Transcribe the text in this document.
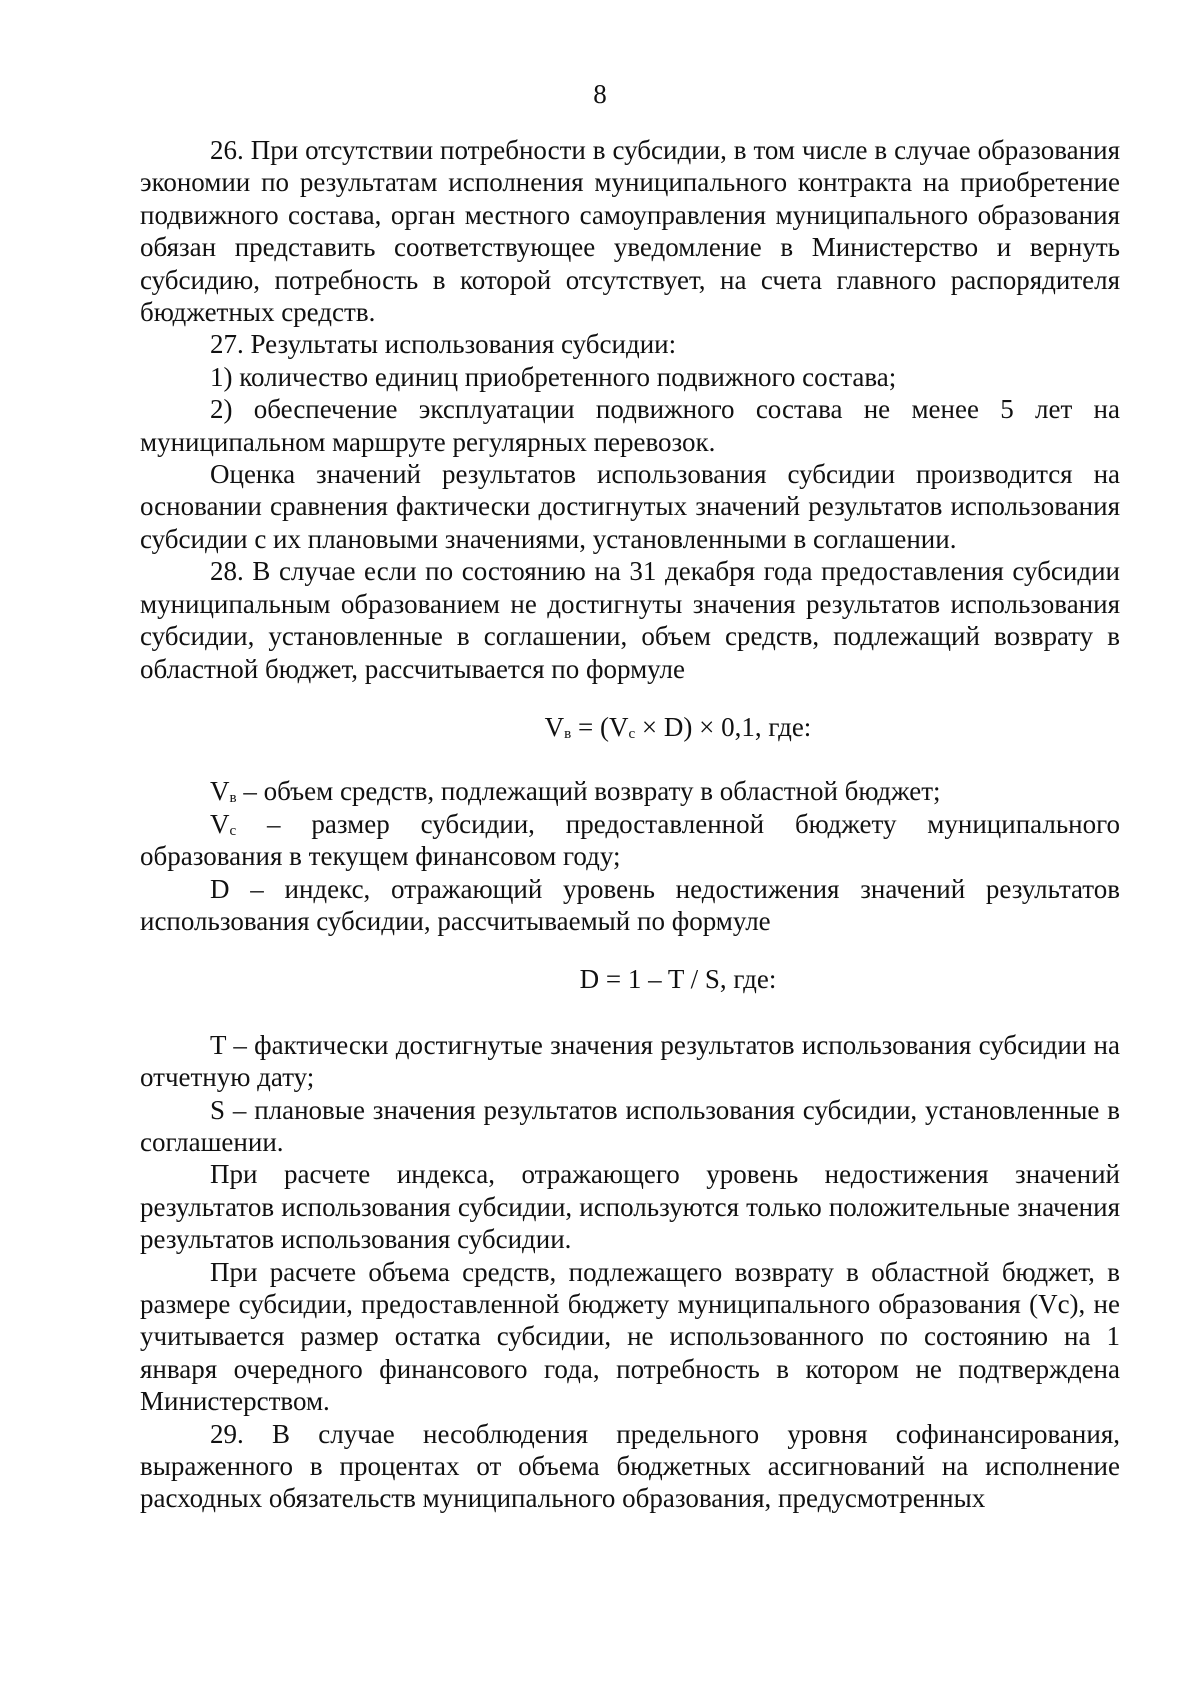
8

26. При отсутствии потребности в субсидии, в том числе в случае образования экономии по результатам исполнения муниципального контракта на приобретение подвижного состава, орган местного самоуправления муниципального образования обязан представить соответствующее уведомление в Министерство и вернуть субсидию, потребность в которой отсутствует, на счета главного распорядителя бюджетных средств.

27. Результаты использования субсидии:

1) количество единиц приобретенного подвижного состава;

2) обеспечение эксплуатации подвижного состава не менее 5 лет на муниципальном маршруте регулярных перевозок.

Оценка значений результатов использования субсидии производится на основании сравнения фактически достигнутых значений результатов использования субсидии с их плановыми значениями, установленными в соглашении.

28. В случае если по состоянию на 31 декабря года предоставления субсидии муниципальным образованием не достигнуты значения результатов использования субсидии, установленные в соглашении, объем средств, подлежащий возврату в областной бюджет, рассчитывается по формуле

$V_в = (V_c \times D) \times 0,1$, где:

$V_в$ – объем средств, подлежащий возврату в областной бюджет;

$V_c$ – размер субсидии, предоставленной бюджету муниципального образования в текущем финансовом году;

D – индекс, отражающий уровень недостижения значений результатов использования субсидии, рассчитываемый по формуле

D = 1 – T / S, где:

T – фактически достигнутые значения результатов использования субсидии на отчетную дату;

S – плановые значения результатов использования субсидии, установленные в соглашении.

При расчете индекса, отражающего уровень недостижения значений результатов использования субсидии, используются только положительные значения результатов использования субсидии.

При расчете объема средств, подлежащего возврату в областной бюджет, в размере субсидии, предоставленной бюджету муниципального образования (Vc), не учитывается размер остатка субсидии, не использованного по состоянию на 1 января очередного финансового года, потребность в котором не подтверждена Министерством.

29. В случае несоблюдения предельного уровня софинансирования, выраженного в процентах от объема бюджетных ассигнований на исполнение расходных обязательств муниципального образования, предусмотренных
